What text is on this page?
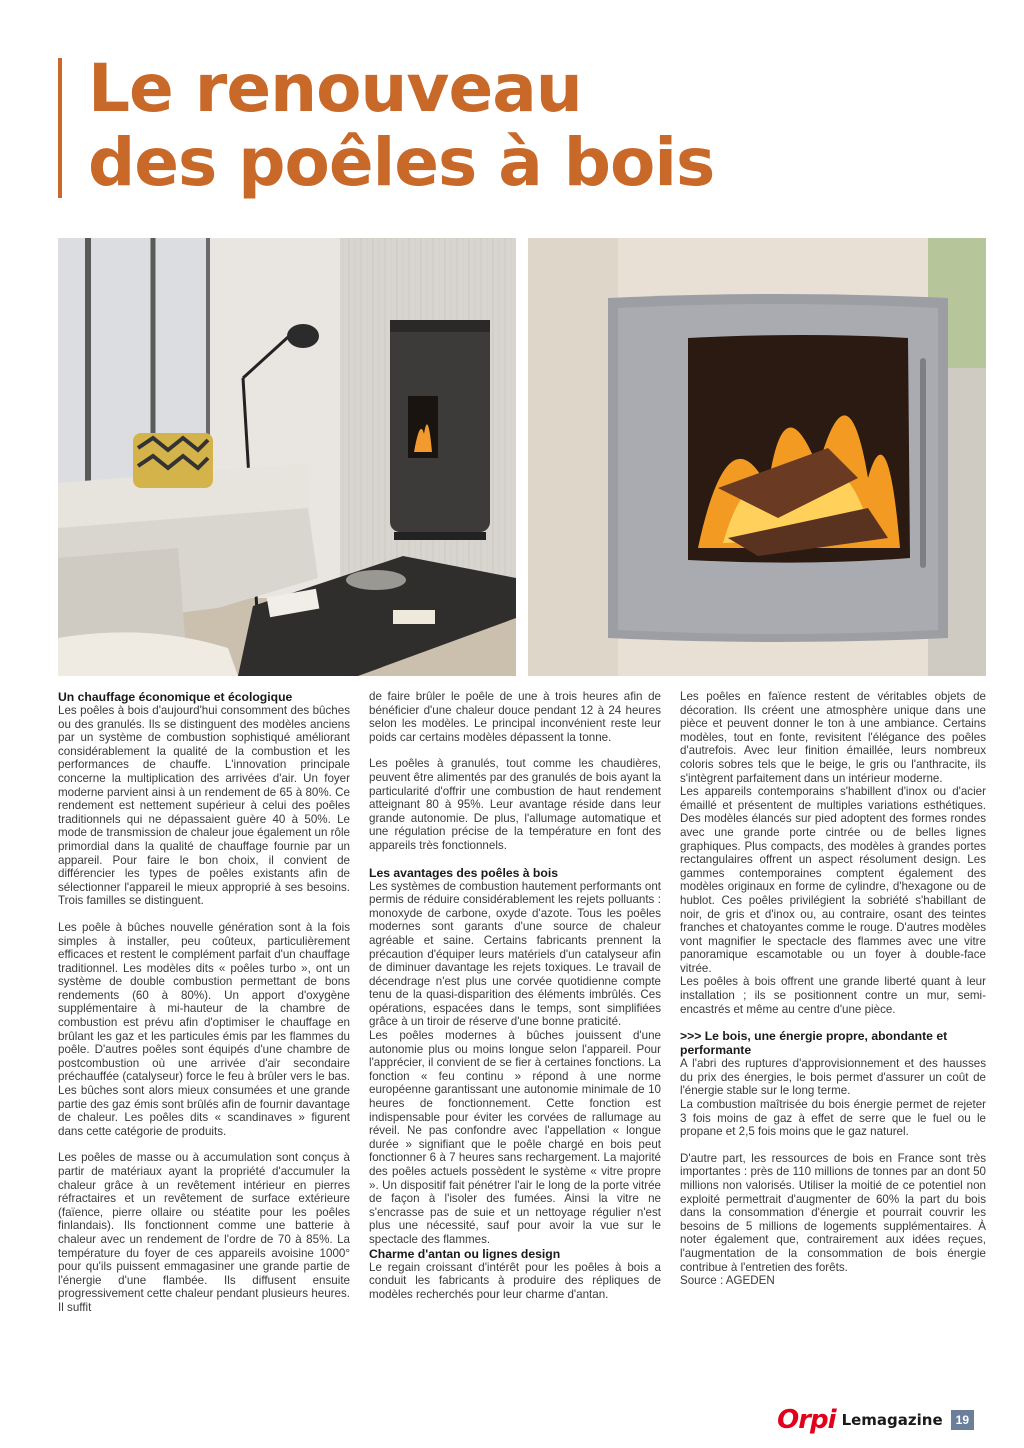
Le renouveau
des poêles à bois
Un chauffage économique et écologique

Les poêles à bois d'aujourd'hui consomment des bûches ou des granulés. Ils se distinguent des modèles anciens par un système de combustion sophistiqué améliorant considérablement la qualité de la combustion et les performances de chauffe. L'innovation principale concerne la multiplication des arrivées d'air. Un foyer moderne parvient ainsi à un rendement de 65 à 80%. Ce rendement est nettement supérieur à celui des poêles traditionnels qui ne dépassaient guère 40 à 50%. Le mode de transmission de chaleur joue également un rôle primordial dans la qualité de chauffage fournie par un appareil. Pour faire le bon choix, il convient de différencier les types de poêles existants afin de sélectionner l'appareil le mieux approprié à ses besoins. Trois familles se distinguent.

Les poêle à bûches nouvelle génération sont à la fois simples à installer, peu coûteux, particulièrement efficaces et restent le complément parfait d'un chauffage traditionnel. Les modèles dits « poêles turbo », ont un système de double combustion permettant de bons rendements (60 à 80%). Un apport d'oxygène supplémentaire à mi-hauteur de la chambre de combustion est prévu afin d'optimiser le chauffage en brûlant les gaz et les particules émis par les flammes du poêle. D'autres poêles sont équipés d'une chambre de postcombustion où une arrivée d'air secondaire préchauffée (catalyseur) force le feu à brûler vers le bas. Les bûches sont alors mieux consumées et une grande partie des gaz émis sont brûlés afin de fournir davantage de chaleur. Les poêles dits « scandinaves » figurent dans cette catégorie de produits.

Les poêles de masse ou à accumulation sont conçus à partir de matériaux ayant la propriété d'accumuler la chaleur grâce à un revêtement intérieur en pierres réfractaires et un revêtement de surface extérieure (faïence, pierre ollaire ou stéatite pour les poêles finlandais). Ils fonctionnent comme une batterie à chaleur avec un rendement de l'ordre de 70 à 85%. La température du foyer de ces appareils avoisine 1000° pour qu'ils puissent emmagasiner une grande partie de l'énergie d'une flambée. Ils diffusent ensuite progressivement cette chaleur pendant plusieurs heures. Il suffit

de faire brûler le poêle de une à trois heures afin de bénéficier d'une chaleur douce pendant 12 à 24 heures selon les modèles. Le principal inconvénient reste leur poids car certains modèles dépassent la tonne.

Les poêles à granulés, tout comme les chaudières, peuvent être alimentés par des granulés de bois ayant la particularité d'offrir une combustion de haut rendement atteignant 80 à 95%. Leur avantage réside dans leur grande autonomie. De plus, l'allumage automatique et une régulation précise de la température en font des appareils très fonctionnels.

Les avantages des poêles à bois

Les systèmes de combustion hautement performants ont permis de réduire considérablement les rejets polluants : monoxyde de carbone, oxyde d'azote. Tous les poêles modernes sont garants d'une source de chaleur agréable et saine. Certains fabricants prennent la précaution d'équiper leurs matériels d'un catalyseur afin de diminuer davantage les rejets toxiques. Le travail de décendrage n'est plus une corvée quotidienne compte tenu de la quasi-disparition des éléments imbrûlés. Ces opérations, espacées dans le temps, sont simplifiées grâce à un tiroir de réserve d'une bonne praticité.

Les poêles modernes à bûches jouissent d'une autonomie plus ou moins longue selon l'appareil. Pour l'apprécier, il convient de se fier à certaines fonctions. La fonction « feu continu » répond à une norme européenne garantissant une autonomie minimale de 10 heures de fonctionnement. Cette fonction est indispensable pour éviter les corvées de rallumage au réveil. Ne pas confondre avec l'appellation « longue durée » signifiant que le poêle chargé en bois peut fonctionner 6 à 7 heures sans rechargement. La majorité des poêles actuels possèdent le système « vitre propre ». Un dispositif fait pénétrer l'air le long de la porte vitrée de façon à l'isoler des fumées. Ainsi la vitre ne s'encrasse pas de suie et un nettoyage régulier n'est plus une nécessité, sauf pour avoir la vue sur le spectacle des flammes.

Charme d'antan ou lignes design

Le regain croissant d'intérêt pour les poêles à bois a conduit les fabricants à produire des répliques de modèles recherchés pour leur charme d'antan.

Les poêles en faïence restent de véritables objets de décoration. Ils créent une atmosphère unique dans une pièce et peuvent donner le ton à une ambiance. Certains modèles, tout en fonte, revisitent l'élégance des poêles d'autrefois. Avec leur finition émaillée, leurs nombreux coloris sobres tels que le beige, le gris ou l'anthracite, ils s'intègrent parfaitement dans un intérieur moderne.

Les appareils contemporains s'habillent d'inox ou d'acier émaillé et présentent de multiples variations esthétiques. Des modèles élancés sur pied adoptent des formes rondes avec une grande porte cintrée ou de belles lignes graphiques. Plus compacts, des modèles à grandes portes rectangulaires offrent un aspect résolument design. Les gammes contemporaines comptent également des modèles originaux en forme de cylindre, d'hexagone ou de hublot. Ces poêles privilégient la sobriété s'habillant de noir, de gris et d'inox ou, au contraire, osant des teintes franches et chatoyantes comme le rouge. D'autres modèles vont magnifier le spectacle des flammes avec une vitre panoramique escamotable ou un foyer à double-face vitrée.

Les poêles à bois offrent une grande liberté quant à leur installation ; ils se positionnent contre un mur, semi-encastrés et même au centre d'une pièce.

>>> Le bois, une énergie propre, abondante et performante

A l'abri des ruptures d'approvisionnement et des hausses du prix des énergies, le bois permet d'assurer un coût de l'énergie stable sur le long terme.

La combustion maîtrisée du bois énergie permet de rejeter 3 fois moins de gaz à effet de serre que le fuel ou le propane et 2,5 fois moins que le gaz naturel.

D'autre part, les ressources de bois en France sont très importantes : près de 110 millions de tonnes par an dont 50 millions non valorisés. Utiliser la moitié de ce potentiel non exploité permettrait d'augmenter de 60% la part du bois dans la consommation d'énergie et pourrait couvrir les besoins de 5 millions de logements supplémentaires. À noter également que, contrairement aux idées reçues, l'augmentation de la consommation de bois énergie contribue à l'entretien des forêts.

Source : AGEDEN

Orpi Lemagazine	19
